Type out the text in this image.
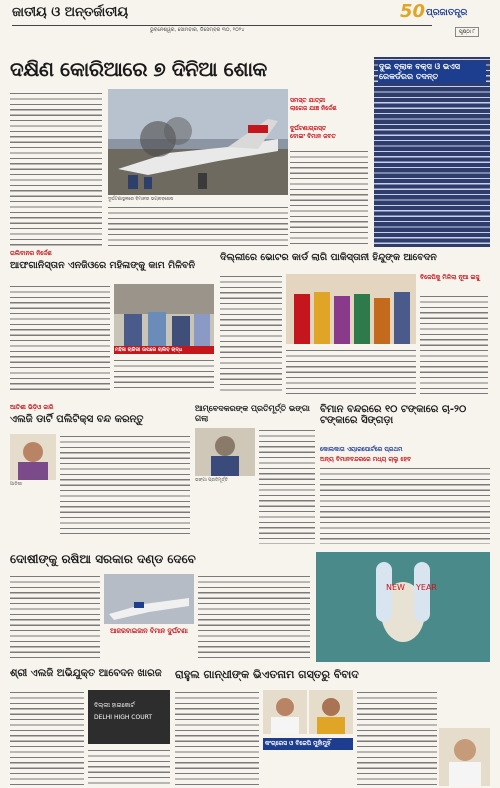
ଜାତୀୟ ଓ ଅନ୍ତର୍ଜାତୀୟ
ଭୁବନେଶ୍ୱର, ସୋମବାର, ଡିସେମ୍ବର ୩୦, ୨୦୨୪
50 ପ୍ରଜାତନ୍ତ୍ର
ପୃଷ୍ଠା ୮
ଦକ୍ଷିଣ କୋରିଆରେ ୭ ଦିନିଆ ଶୋକ
ଦୁର୍ଘଟଣାସ୍ଥଳରେ ବିମାନର ଭଗ୍ନାବଶେଷ
ସମସ୍ତ ଯାତ୍ରୀ
ଲାଗେଜ ଯାଞ୍ଚ ନିର୍ଦ୍ଦେଶ
ଦୁର୍ଘଟଣାଗ୍ରସ୍ତ
ବୋଇଂ ବିମାନ ଜବତ
ଦୁଇ ବ୍ଲାକ ବକ୍ସ ଓ ଭଏସ ରେକର୍ଡରର ତଦନ୍ତ
ତାଲିବାନର ନିର୍ଦ୍ଦେଶ
ଆଫଗାନିସ୍ତାନ ଏନଜିଓରେ ମହିଳାଙ୍କୁ କାମ ମିଳିବନି
ମହିଳା ଚାକିରୀ ଉପରେ ଚାଲିବ ଋଦ୍ଧ
ଦିଲ୍ଲୀରେ ଭୋଟର କାର୍ଡ ଲାଗି ପାକିସ୍ତାନୀ ହିନ୍ଦୁଙ୍କ ଆବେଦନ
ବିଜେପିକୁ ମିଳିଲା ନୂଆ ଇସୁ
ଆତିଶୀ ଭିଡ଼ିଓ ଜାରି
ଏଲଜି ଡାର୍ଟି ପଲିଟିକ୍ସ ବନ୍ଦ କରନ୍ତୁ
ଆତିଶୀ
ଆମ୍ବେଦକରଙ୍କ ପ୍ରତିମୂର୍ତ୍ତି ଭଙ୍ଗା ଗଲା
ଭଙ୍ଗା ପ୍ରତିମୂର୍ତ୍ତି
ବିମାନ ବନ୍ଦରରେ ୧୦ ଟଙ୍କାରେ ଚା-୨୦ ଟଙ୍କାରେ ସିଙ୍ଗଡ଼ା
କୋଲକାତା ଏୟାରପୋର୍ଟରେ ପ୍ରଥମ
ଅନ୍ୟ ବିମାନବନ୍ଦରରେ ମଧ୍ୟ ଚାଲୁ ହେବ
ଦୋଷୀଙ୍କୁ ରଷିଆ ସରକାର ଦଣ୍ଡ ଦେବେ
ଆଜରବାଇଜାନ ବିମାନ ଦୁର୍ଘଟଣା
NEW YEAR
ଶ୍ରୀ ଏଲଜି ଅଭିଯୁକ୍ତ ଆବେଦନ ଖାରଜ
ଦିଲ୍ଲୀ ହାଇକୋର୍ଟ
DELHI HIGH COURT
ରାହୁଲ ଗାନ୍ଧୀଙ୍କ ଭିଏତନାମ ଗସ୍ତରୁ ବିବାଦ
କଂଗ୍ରେସ ଓ ବିଜେପି ମୁହାଁମୁହିଁ
